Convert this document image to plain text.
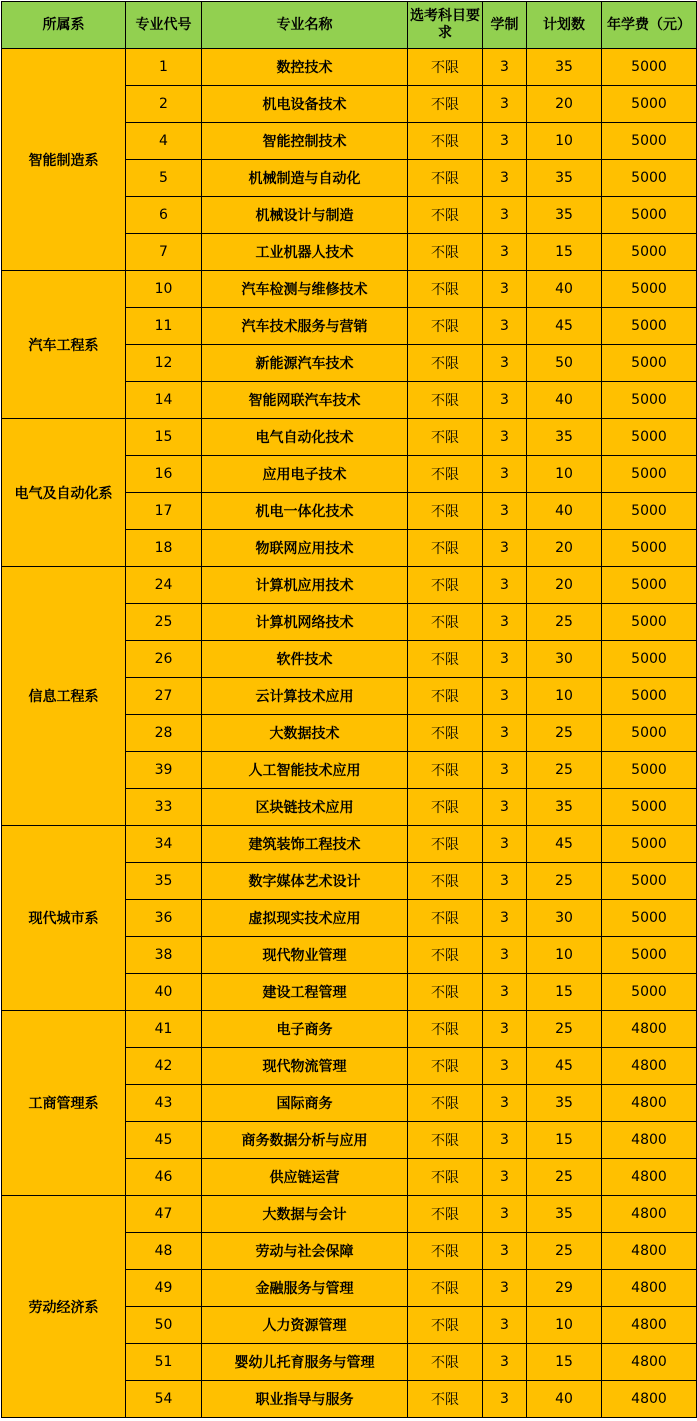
所属系	专业代号	专业名称	选考科目要求	学制	计划数	年学费（元）
智能制造系	1	数控技术	不限	3	35	5000
	2	机电设备技术	不限	3	20	5000
	4	智能控制技术	不限	3	10	5000
	5	机械制造与自动化	不限	3	35	5000
	6	机械设计与制造	不限	3	35	5000
	7	工业机器人技术	不限	3	15	5000
汽车工程系	10	汽车检测与维修技术	不限	3	40	5000
	11	汽车技术服务与营销	不限	3	45	5000
	12	新能源汽车技术	不限	3	50	5000
	14	智能网联汽车技术	不限	3	40	5000
电气及自动化系	15	电气自动化技术	不限	3	35	5000
	16	应用电子技术	不限	3	10	5000
	17	机电一体化技术	不限	3	40	5000
	18	物联网应用技术	不限	3	20	5000
信息工程系	24	计算机应用技术	不限	3	20	5000
	25	计算机网络技术	不限	3	25	5000
	26	软件技术	不限	3	30	5000
	27	云计算技术应用	不限	3	10	5000
	28	大数据技术	不限	3	25	5000
	39	人工智能技术应用	不限	3	25	5000
	33	区块链技术应用	不限	3	35	5000
现代城市系	34	建筑装饰工程技术	不限	3	45	5000
	35	数字媒体艺术设计	不限	3	25	5000
	36	虚拟现实技术应用	不限	3	30	5000
	38	现代物业管理	不限	3	10	5000
	40	建设工程管理	不限	3	15	5000
工商管理系	41	电子商务	不限	3	25	4800
	42	现代物流管理	不限	3	45	4800
	43	国际商务	不限	3	35	4800
	45	商务数据分析与应用	不限	3	15	4800
	46	供应链运营	不限	3	25	4800
劳动经济系	47	大数据与会计	不限	3	35	4800
	48	劳动与社会保障	不限	3	25	4800
	49	金融服务与管理	不限	3	29	4800
	50	人力资源管理	不限	3	10	4800
	51	婴幼儿托育服务与管理	不限	3	15	4800
	54	职业指导与服务	不限	3	40	4800
